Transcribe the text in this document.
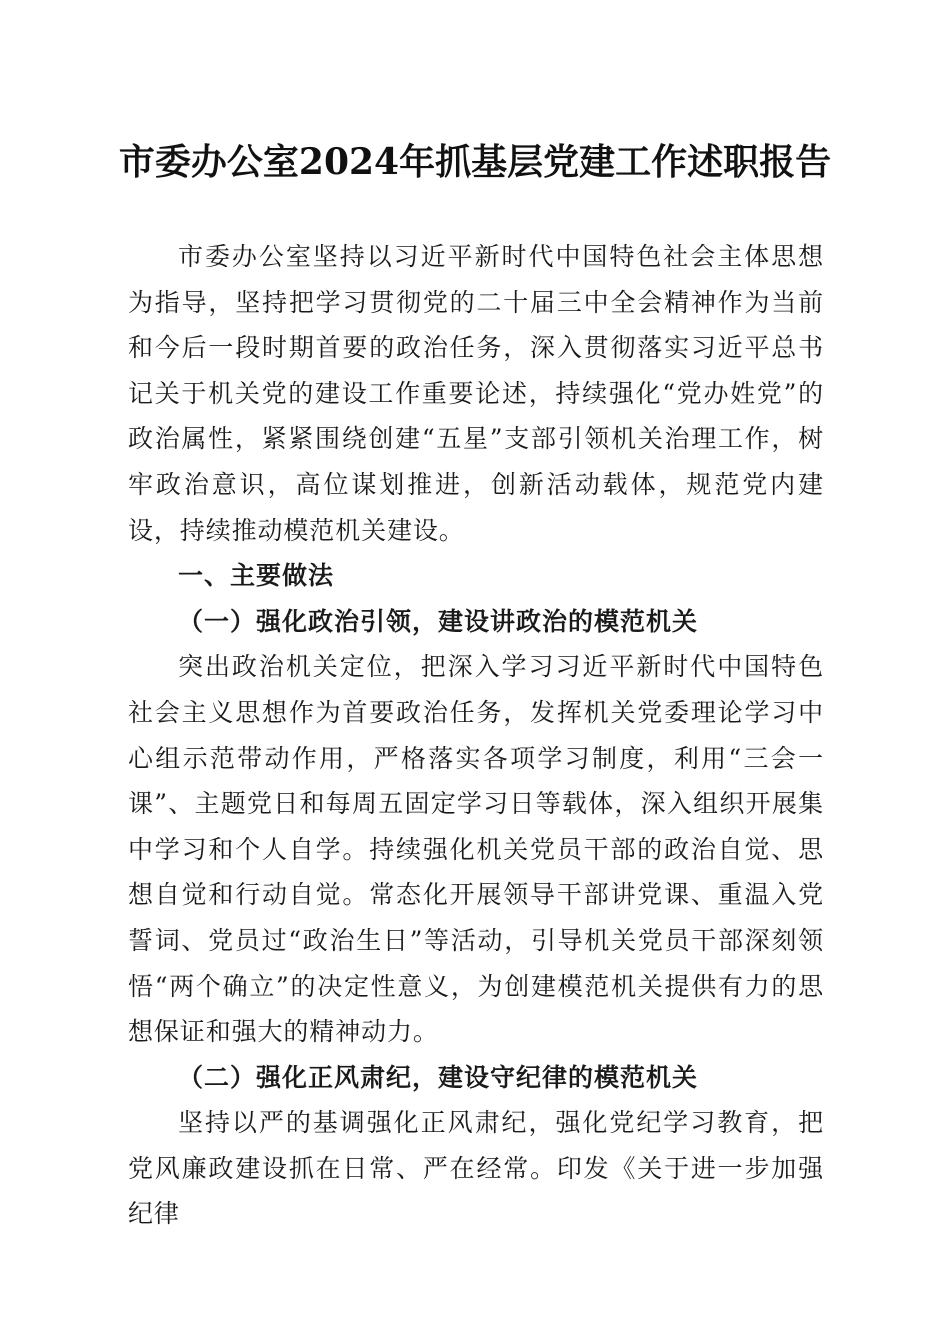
市委办公室2024年抓基层党建工作述职报告

市委办公室坚持以习近平新时代中国特色社会主体思想为指导，坚持把学习贯彻党的二十届三中全会精神作为当前和今后一段时期首要的政治任务，深入贯彻落实习近平总书记关于机关党的建设工作重要论述，持续强化“党办姓党”的政治属性，紧紧围绕创建“五星”支部引领机关治理工作，树牢政治意识，高位谋划推进，创新活动载体，规范党内建设，持续推动模范机关建设。

一、主要做法

（一）强化政治引领，建设讲政治的模范机关

突出政治机关定位，把深入学习习近平新时代中国特色社会主义思想作为首要政治任务，发挥机关党委理论学习中心组示范带动作用，严格落实各项学习制度，利用“三会一课”、主题党日和每周五固定学习日等载体，深入组织开展集中学习和个人自学。持续强化机关党员干部的政治自觉、思想自觉和行动自觉。常态化开展领导干部讲党课、重温入党誓词、党员过“政治生日”等活动，引导机关党员干部深刻领悟“两个确立”的决定性意义，为创建模范机关提供有力的思想保证和强大的精神动力。

（二）强化正风肃纪，建设守纪律的模范机关

坚持以严的基调强化正风肃纪，强化党纪学习教育，把党风廉政建设抓在日常、严在经常。印发《关于进一步加强纪律
